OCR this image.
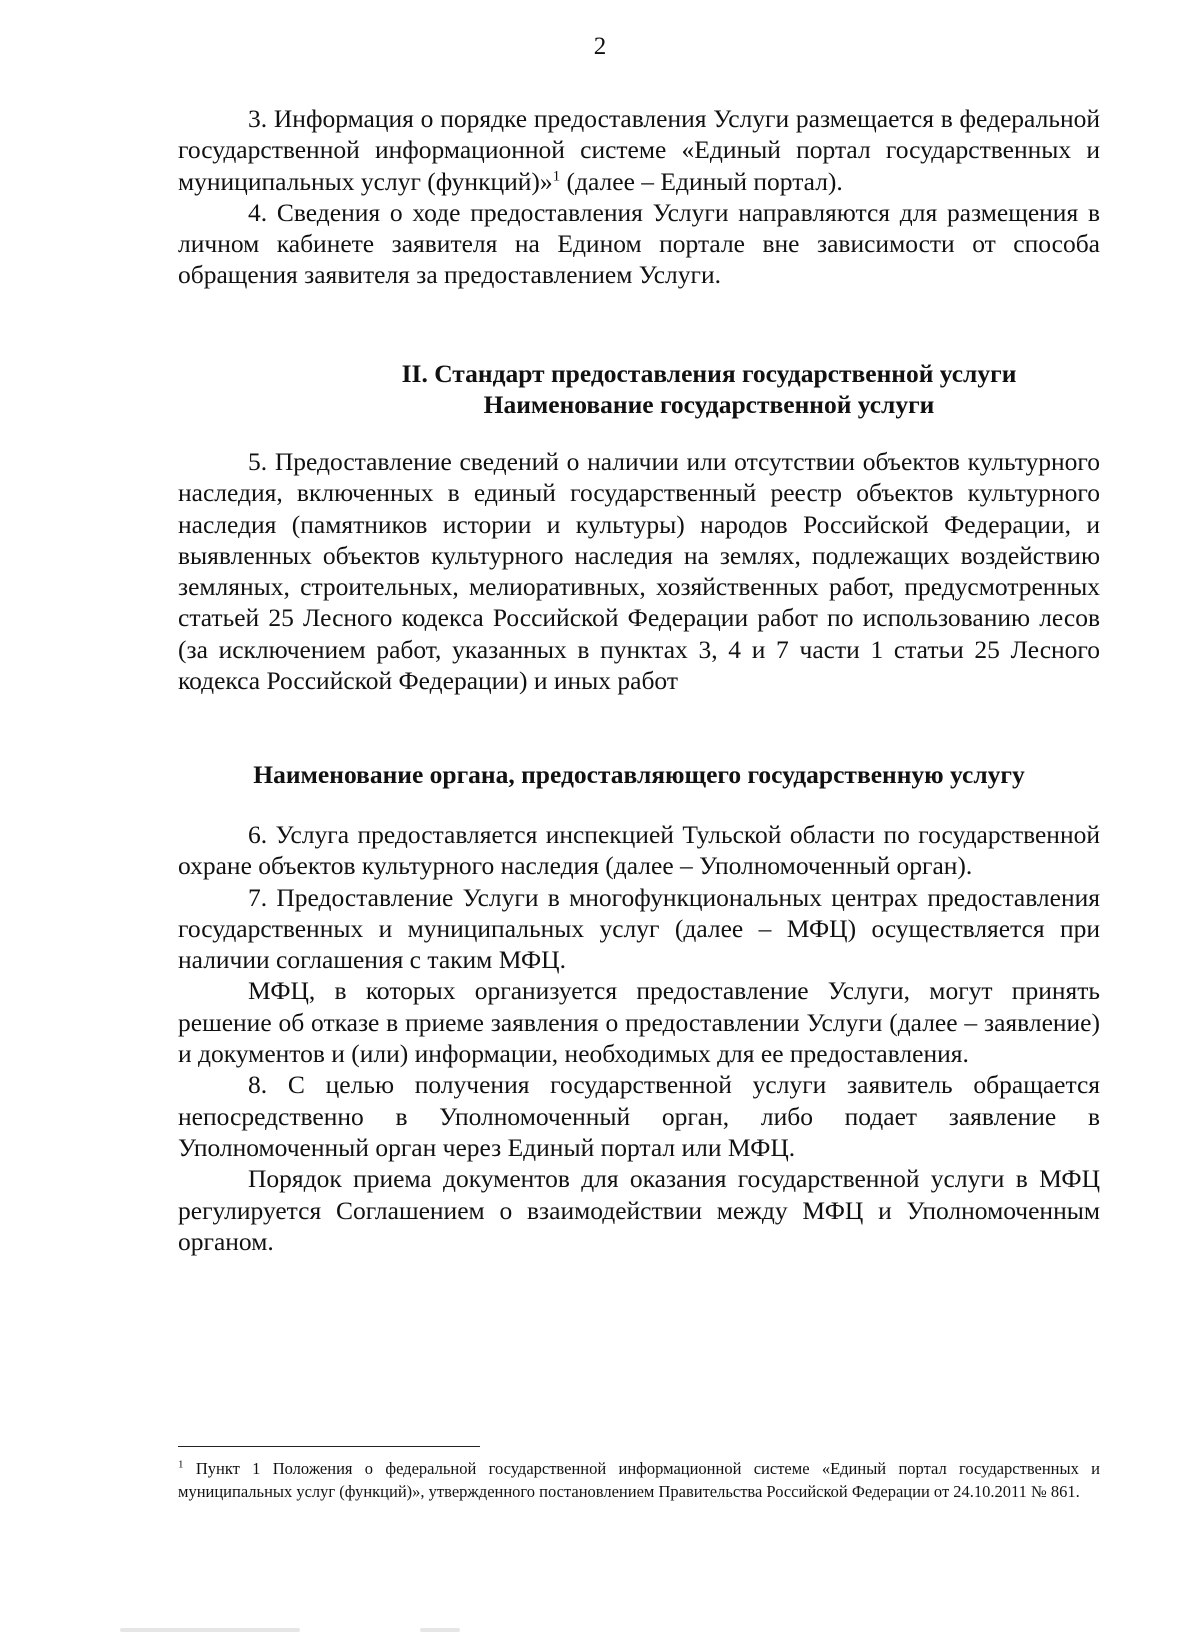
2

3. Информация о порядке предоставления Услуги размещается в федеральной государственной информационной системе «Единый портал государственных и муниципальных услуг (функций)»$^1$ (далее – Единый портал).

4. Сведения о ходе предоставления Услуги направляются для размещения в личном кабинете заявителя на Едином портале вне зависимости от способа обращения заявителя за предоставлением Услуги.

II. Стандарт предоставления государственной услуги
Наименование государственной услуги

5. Предоставление сведений о наличии или отсутствии объектов культурного наследия, включенных в единый государственный реестр объектов культурного наследия (памятников истории и культуры) народов Российской Федерации, и выявленных объектов культурного наследия на землях, подлежащих воздействию земляных, строительных, мелиоративных, хозяйственных работ, предусмотренных статьей 25 Лесного кодекса Российской Федерации работ по использованию лесов (за исключением работ, указанных в пунктах 3, 4 и 7 части 1 статьи 25 Лесного кодекса Российской Федерации) и иных работ

Наименование органа, предоставляющего государственную услугу

6. Услуга предоставляется инспекцией Тульской области по государственной охране объектов культурного наследия (далее – Уполномоченный орган).

7. Предоставление Услуги в многофункциональных центрах предоставления государственных и муниципальных услуг (далее – МФЦ) осуществляется при наличии соглашения с таким МФЦ.

МФЦ, в которых организуется предоставление Услуги, могут принять решение об отказе в приеме заявления о предоставлении Услуги (далее – заявление) и документов и (или) информации, необходимых для ее предоставления.

8. С целью получения государственной услуги заявитель обращается непосредственно в Уполномоченный орган, либо подает заявление в Уполномоченный орган через Единый портал или МФЦ.

Порядок приема документов для оказания государственной услуги в МФЦ регулируется Соглашением о взаимодействии между МФЦ и Уполномоченным органом.

$^1$ Пункт 1 Положения о федеральной государственной информационной системе «Единый портал государственных и муниципальных услуг (функций)», утвержденного постановлением Правительства Российской Федерации от 24.10.2011 № 861.
